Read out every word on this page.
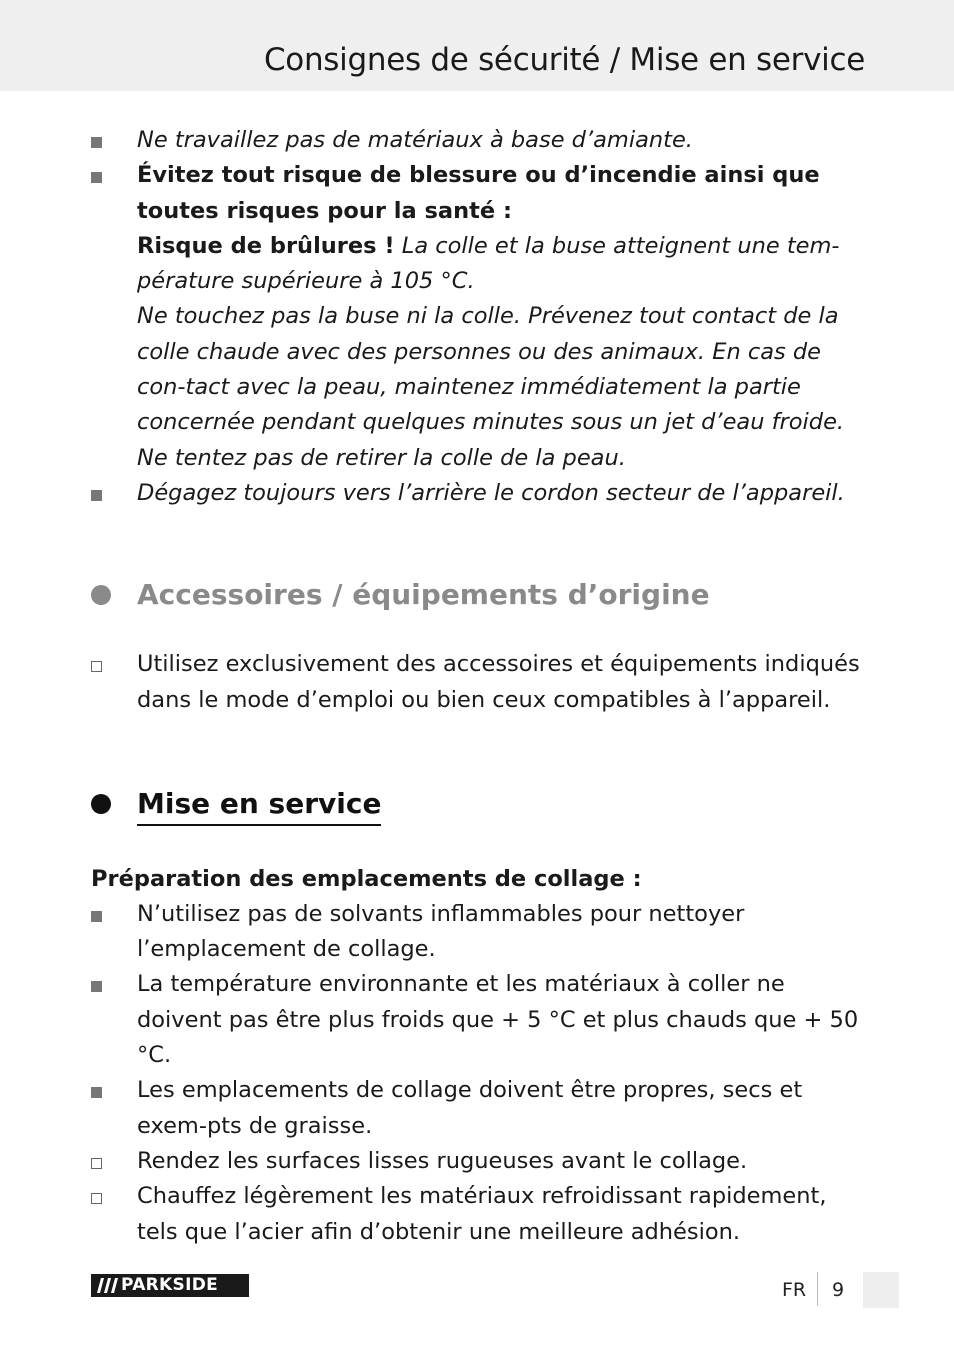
Consignes de sécurité / Mise en service

Ne travaillez pas de matériaux à base d’amiante.

Évitez tout risque de blessure ou d’incendie ainsi que toutes risques pour la santé :

Risque de brûlures ! La colle et la buse atteignent une tem-pérature supérieure à 105 °C.

Ne touchez pas la buse ni la colle. Prévenez tout contact de la colle chaude avec des personnes ou des animaux. En cas de con-tact avec la peau, maintenez immédiatement la partie concernée pendant quelques minutes sous un jet d’eau froide. Ne tentez pas de retirer la colle de la peau.

Dégagez toujours vers l’arrière le cordon secteur de l’appareil.

Accessoires / équipements d’origine

Utilisez exclusivement des accessoires et équipements indiqués dans le mode d’emploi ou bien ceux compatibles à l’appareil.

Mise en service
Préparation des emplacements de collage :

N’utilisez pas de solvants inflammables pour nettoyer l’emplacement de collage.

La température environnante et les matériaux à coller ne doivent pas être plus froids que + 5 °C et plus chauds que + 50 °C.

Les emplacements de collage doivent être propres, secs et exem-pts de graisse.

Rendez les surfaces lisses rugueuses avant le collage.

Chauffez légèrement les matériaux refroidissant rapidement, tels que l’acier afin d’obtenir une meilleure adhésion.

PARKSIDE	FR 9
